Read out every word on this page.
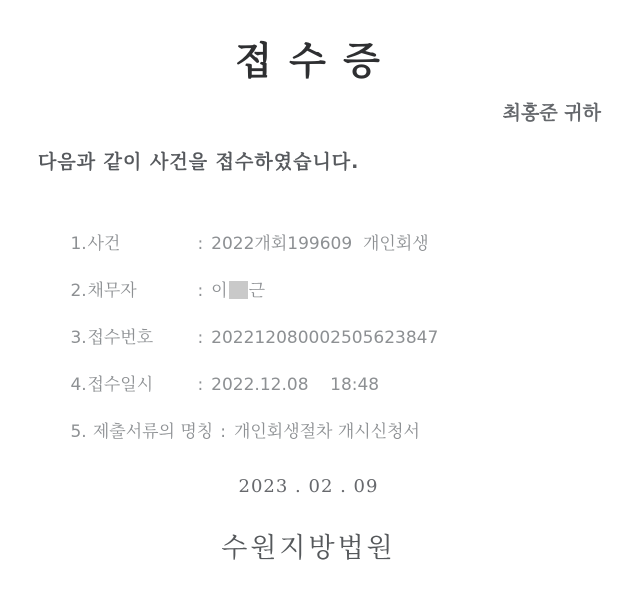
접 수 증
최홍준 귀하
다음과 같이 사건을 접수하였습니다.

1.사건	: 2022개회199609  개인회생

2.채무자	: 이 근

3.접수번호	: 202212080002505623847

4.접수일시	: 2022.12.08    18:48

5. 제출서류의 명칭 : 개인회생절차 개시신청서

2023 . 02 . 09
수원지방법원
